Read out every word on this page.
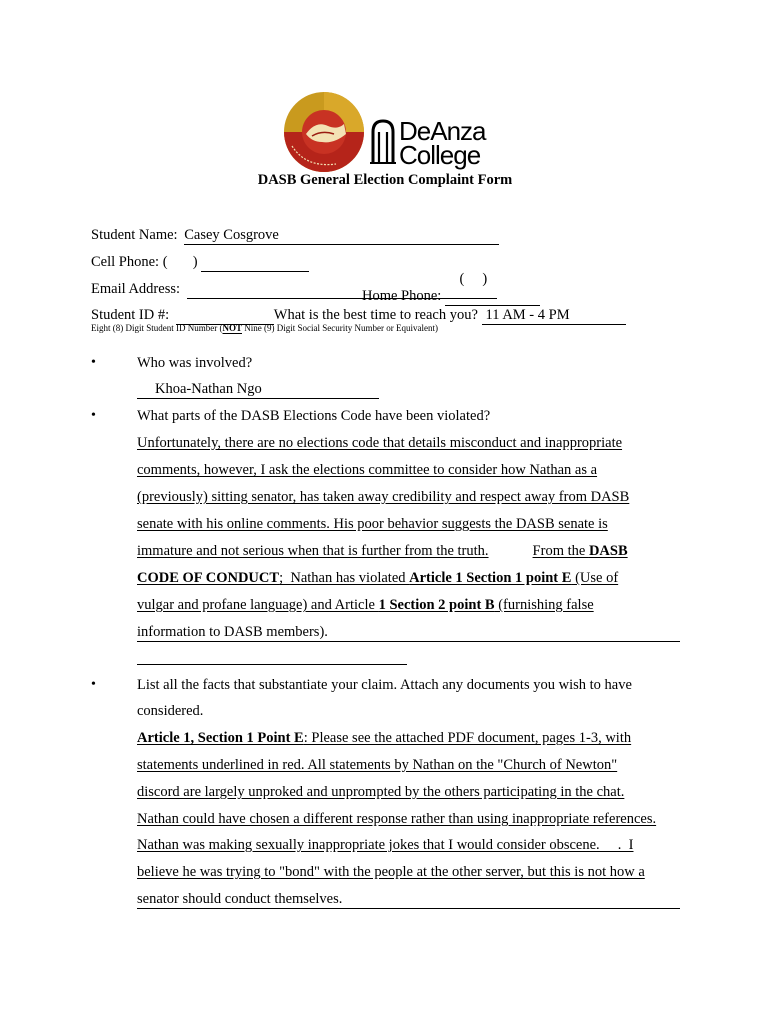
DeAnza
College
DASB General Election Complaint Form
Student Name: Casey Cosgrove
Cell Phone: ( )
Home Phone:
(     )

Email Address:
Student ID #:	What is the best time to reach you? 11 AM - 4 PM
Eight (8) Digit Student ID Number (NOT Nine (9) Digit Social Security Number or Equivalent)
•	Who was involved?
Khoa-Nathan Ngo
•	What parts of the DASB Elections Code have been violated?
Unfortunately, there are no elections code that details misconduct and inappropriate
comments, however, I ask the elections committee to consider how Nathan as a
(previously) sitting senator, has taken away credibility and respect away from DASB
senate with his online comments. His poor behavior suggests the DASB senate is
immature and not serious when that is further from the truth.	From the DASB
CODE OF CONDUCT;  Nathan has violated Article 1 Section 1 point E (Use of
vulgar and profane language) and Article 1 Section 2 point B (furnishing false
information to DASB members).
•	List all the facts that substantiate your claim. Attach any documents you wish to have
considered.
Article 1, Section 1 Point E: Please see the attached PDF document, pages 1-3, with
statements underlined in red. All statements by Nathan on the "Church of Newton"
discord are largely unproked and unprompted by the others participating in the chat.
Nathan could have chosen a different response rather than using inappropriate references.
Nathan was making sexually inappropriate jokes that I would consider obscene.     .  I
believe he was trying to "bond" with the people at the other server, but this is not how a
senator should conduct themselves.
